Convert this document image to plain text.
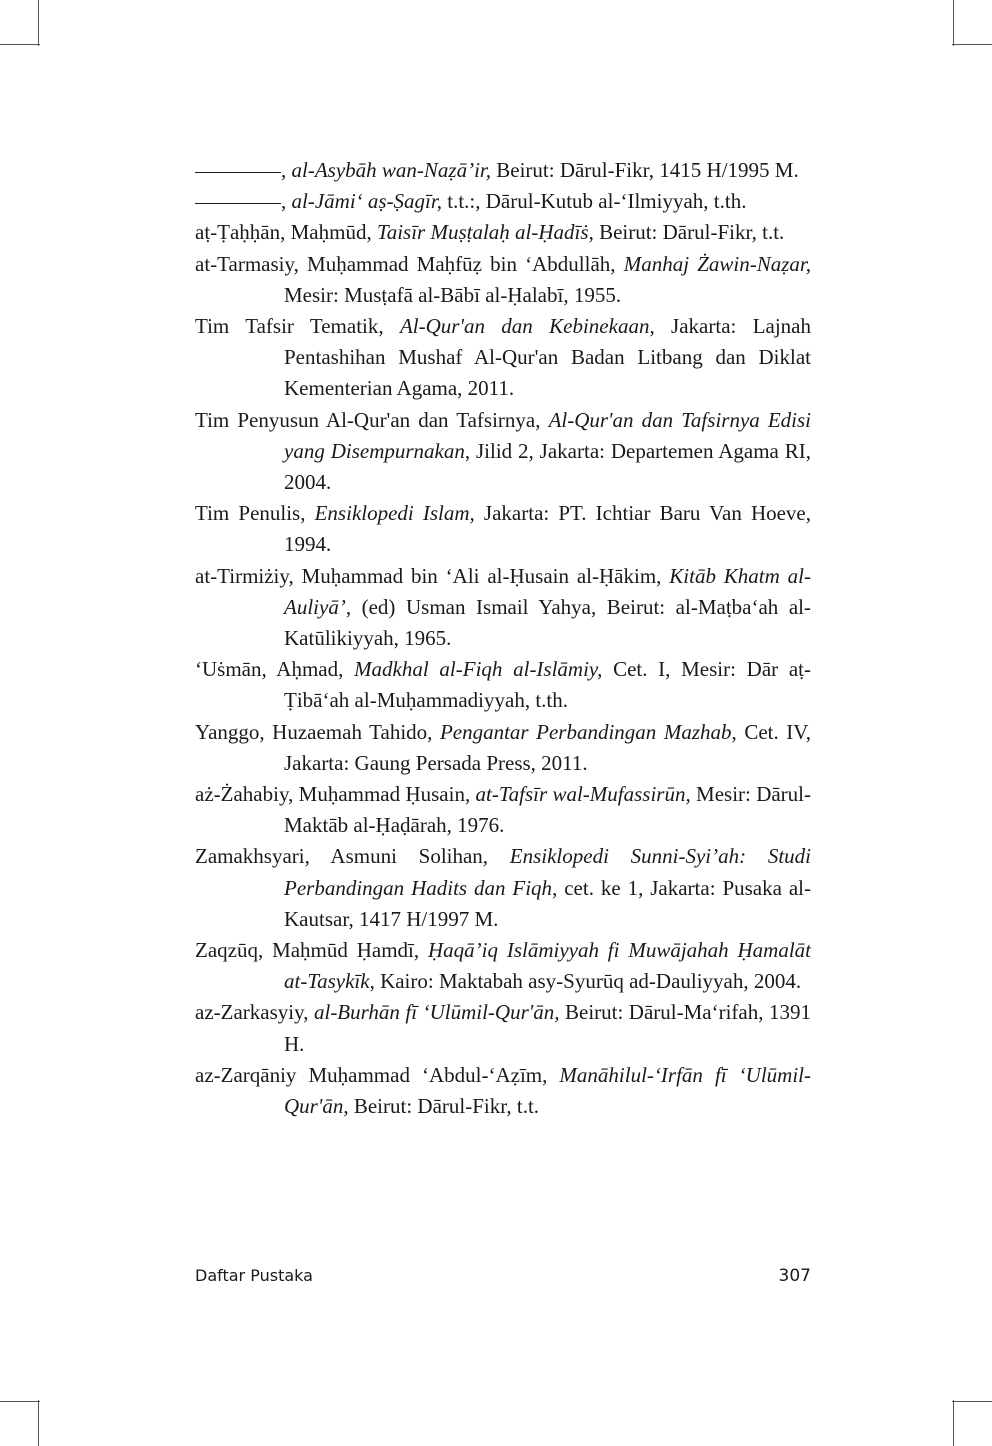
, al-Asybāh wan-Naẓā’ir, Beirut: Dārul-Fikr, 1415 H/1995 M.
, al-Jāmi‘ aṣ-Ṣagīr, t.t.:, Dārul-Kutub al-‘Ilmiyyah, t.th.
aṭ-Ṭaḥḥān, Maḥmūd, Taisīr Muṣṭalaḥ al-Ḥadīṡ, Beirut: Dārul-Fikr, t.t.
at-Tarmasiy, Muḥammad Maḥfūẓ bin ‘Abdullāh, Manhaj Żawin-Naẓar, Mesir: Musṭafā al-Bābī al-Ḥalabī, 1955.
Tim Tafsir Tematik, Al-Qur'an dan Kebinekaan, Jakarta: Lajnah Pentashihan Mushaf Al-Qur'an Badan Litbang dan Diklat Kementerian Agama, 2011.
Tim Penyusun Al-Qur'an dan Tafsirnya, Al-Qur'an dan Tafsirnya Edisi yang Disempurnakan, Jilid 2, Jakarta: Departemen Agama RI, 2004.
Tim Penulis, Ensiklopedi Islam, Jakarta: PT. Ichtiar Baru Van Hoeve, 1994.
at-Tirmiżiy, Muḥammad bin ‘Ali al-Ḥusain al-Ḥākim, Kitāb Khatm al-Auliyā’, (ed) Usman Ismail Yahya, Beirut: al-Maṭba‘ah al-Katūlikiyyah, 1965.
‘Uṡmān, Aḥmad, Madkhal al-Fiqh al-Islāmiy, Cet. I, Mesir: Dār aṭ-Ṭibā‘ah al-Muḥammadiyyah, t.th.
Yanggo, Huzaemah Tahido, Pengantar Perbandingan Mazhab, Cet. IV, Jakarta: Gaung Persada Press, 2011.
aż-Żahabiy, Muḥammad Ḥusain, at-Tafsīr wal-Mufassirūn, Mesir: Dārul-Maktāb al-Ḥaḍārah, 1976.
Zamakhsyari, Asmuni Solihan, Ensiklopedi Sunni-Syi’ah: Studi Perbandingan Hadits dan Fiqh, cet. ke 1, Jakarta: Pusaka al-Kautsar, 1417 H/1997 M.
Zaqzūq, Maḥmūd Ḥamdī, Ḥaqā’iq Islāmiyyah fi Muwājahah Ḥamalāt at-Tasykīk, Kairo: Maktabah asy-Syurūq ad-Dauliyyah, 2004.
az-Zarkasyiy, al-Burhān fī ‘Ulūmil-Qur'ān, Beirut: Dārul-Ma‘rifah, 1391 H.
az-Zarqāniy Muḥammad ‘Abdul-‘Aẓīm, Manāhilul-‘Irfān fī ‘Ulūmil-Qur'ān, Beirut: Dārul-Fikr, t.t.
Daftar Pustaka	307
